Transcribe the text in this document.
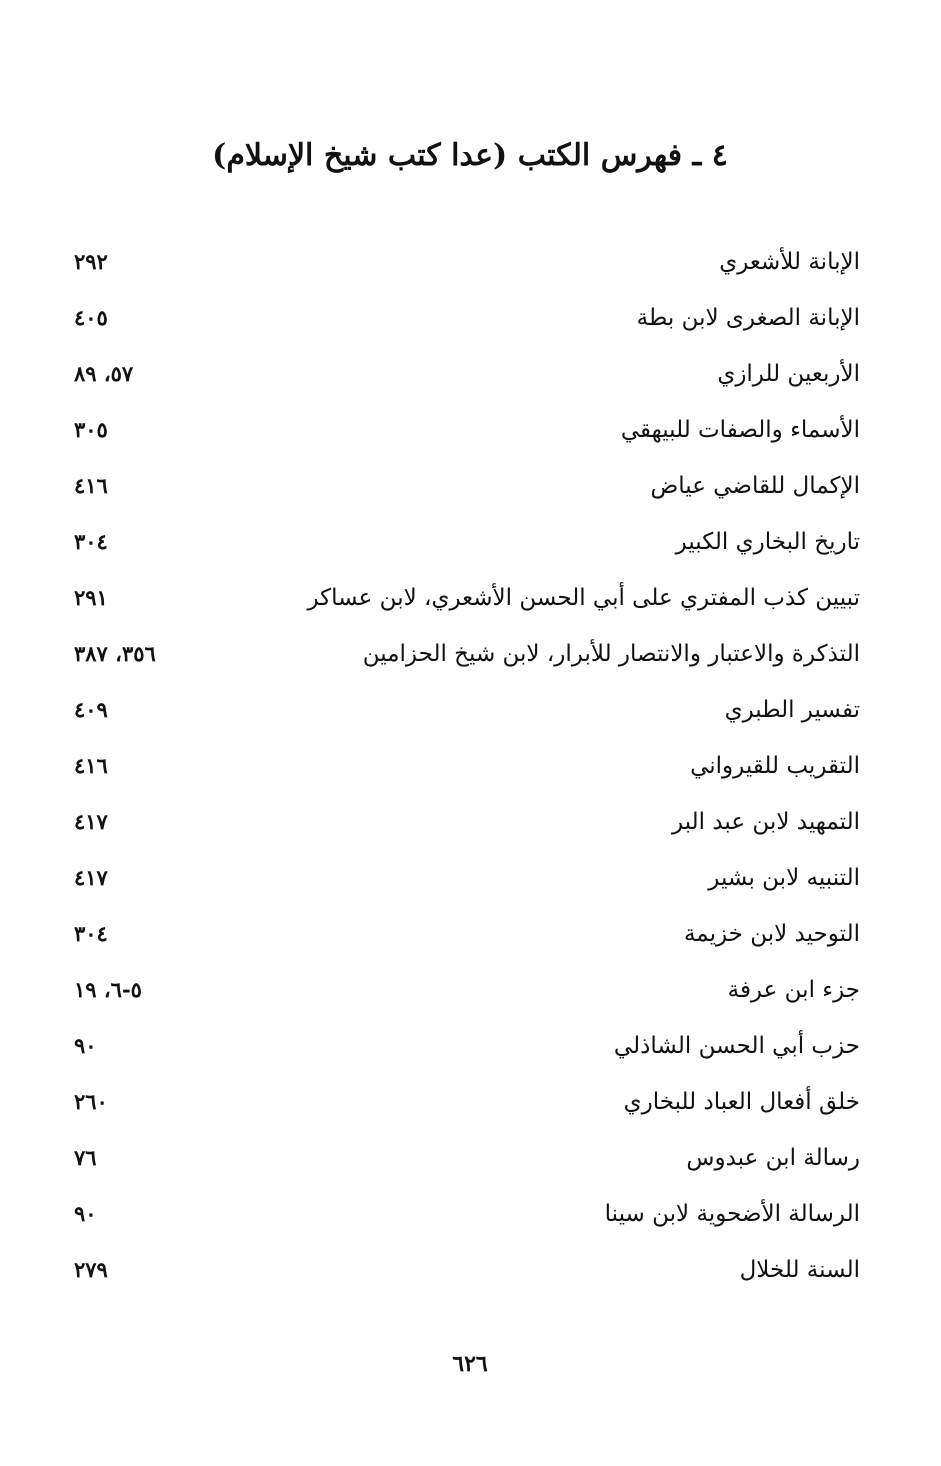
٤ ـ فهرس الكتب (عدا كتب شيخ الإسلام)
الإبانة للأشعري
٢٩٢
الإبانة الصغرى لابن بطة
٤٠٥
الأربعين للرازي
٥٧، ٨٩
الأسماء والصفات للبيهقي
٣٠٥
الإكمال للقاضي عياض
٤١٦
تاريخ البخاري الكبير
٣٠٤
تبيين كذب المفتري على أبي الحسن الأشعري، لابن عساكر
٢٩١
التذكرة والاعتبار والانتصار للأبرار، لابن شيخ الحزامين
٣٥٦، ٣٨٧
تفسير الطبري
٤٠٩
التقريب للقيرواني
٤١٦
التمهيد لابن عبد البر
٤١٧
التنبيه لابن بشير
٤١٧
التوحيد لابن خزيمة
٣٠٤
جزء ابن عرفة
٥-٦، ١٩
حزب أبي الحسن الشاذلي
٩٠
خلق أفعال العباد للبخاري
٢٦٠
رسالة ابن عبدوس
٧٦
الرسالة الأضحوية لابن سينا
٩٠
السنة للخلال
٢٧٩
٦٢٦
